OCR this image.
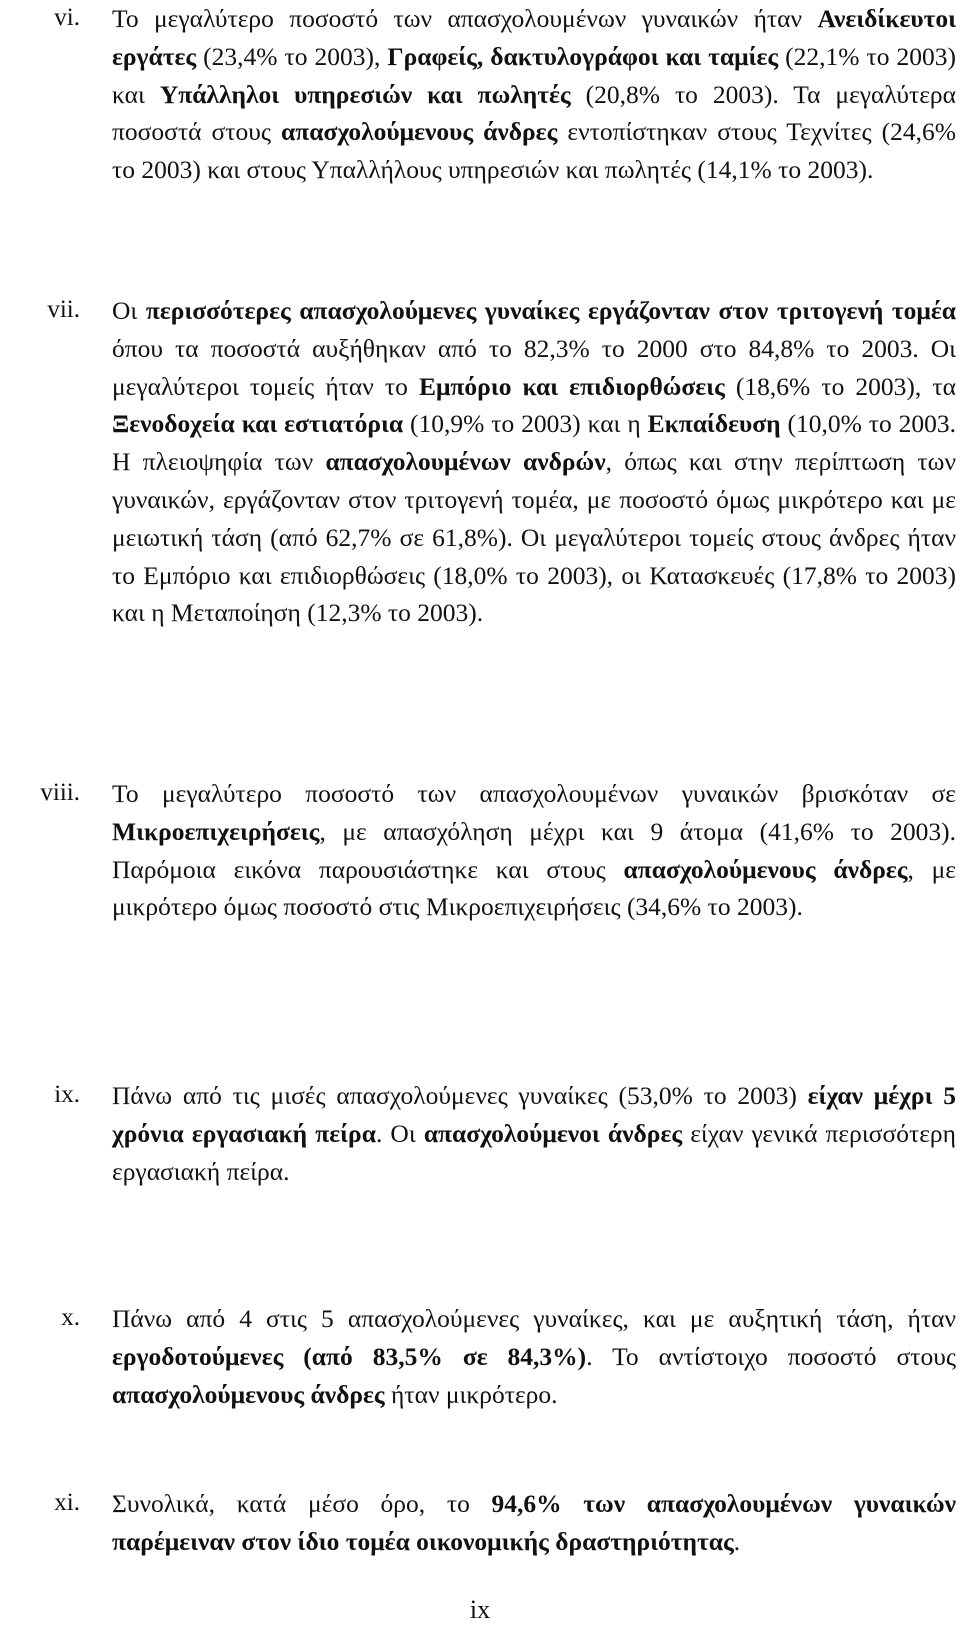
vi. Το μεγαλύτερο ποσοστό των απασχολουμένων γυναικών ήταν Ανειδίκευτοι εργάτες (23,4% το 2003), Γραφείς, δακτυλογράφοι και ταμίες (22,1% το 2003) και Υπάλληλοι υπηρεσιών και πωλητές (20,8% το 2003). Τα μεγαλύτερα ποσοστά στους απασχολούμενους άνδρες εντοπίστηκαν στους Τεχνίτες (24,6% το 2003) και στους Υπαλλήλους υπηρεσιών και πωλητές (14,1% το 2003).
vii. Οι περισσότερες απασχολούμενες γυναίκες εργάζονταν στον τριτογενή τομέα όπου τα ποσοστά αυξήθηκαν από το 82,3% το 2000 στο 84,8% το 2003. Οι μεγαλύτεροι τομείς ήταν το Εμπόριο και επιδιορθώσεις (18,6% το 2003), τα Ξενοδοχεία και εστιατόρια (10,9% το 2003) και η Εκπαίδευση (10,0% το 2003. Η πλειοψηφία των απασχολουμένων ανδρών, όπως και στην περίπτωση των γυναικών, εργάζονταν στον τριτογενή τομέα, με ποσοστό όμως μικρότερο και με μειωτική τάση (από 62,7% σε 61,8%). Οι μεγαλύτεροι τομείς στους άνδρες ήταν το Εμπόριο και επιδιορθώσεις (18,0% το 2003), οι Κατασκευές (17,8% το 2003) και η Μεταποίηση (12,3% το 2003).
viii. Το μεγαλύτερο ποσοστό των απασχολουμένων γυναικών βρισκόταν σε Μικροεπιχειρήσεις, με απασχόληση μέχρι και 9 άτομα (41,6% το 2003). Παρόμοια εικόνα παρουσιάστηκε και στους απασχολούμενους άνδρες, με μικρότερο όμως ποσοστό στις Μικροεπιχειρήσεις (34,6% το 2003).
ix. Πάνω από τις μισές απασχολούμενες γυναίκες (53,0% το 2003) είχαν μέχρι 5 χρόνια εργασιακή πείρα. Οι απασχολούμενοι άνδρες είχαν γενικά περισσότερη εργασιακή πείρα.
x. Πάνω από 4 στις 5 απασχολούμενες γυναίκες, και με αυξητική τάση, ήταν εργοδοτούμενες (από 83,5% σε 84,3%). Το αντίστοιχο ποσοστό στους απασχολούμενους άνδρες ήταν μικρότερο.
xi. Συνολικά, κατά μέσο όρο, το 94,6% των απασχολουμένων γυναικών παρέμειναν στον ίδιο τομέα οικονομικής δραστηριότητας.
ix
